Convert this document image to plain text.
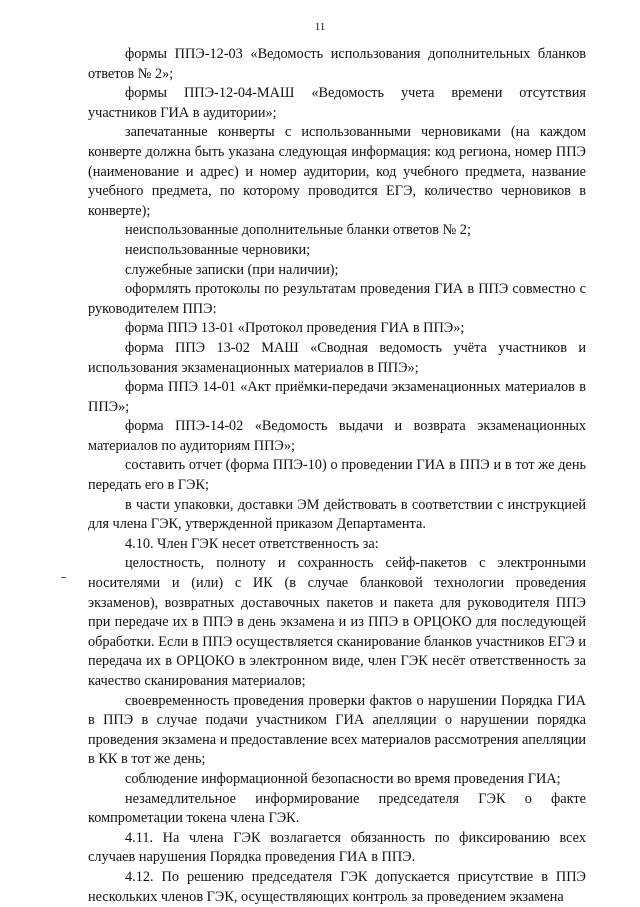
11

формы ППЭ-12-03 «Ведомость использования дополнительных бланков ответов № 2»;

формы ППЭ-12-04-МАШ «Ведомость учета времени отсутствия участников ГИА в аудитории»;

запечатанные конверты с использованными черновиками (на каждом конверте должна быть указана следующая информация: код региона, номер ППЭ (наименование и адрес) и номер аудитории, код учебного предмета, название учебного предмета, по которому проводится ЕГЭ, количество черновиков в конверте);

неиспользованные дополнительные бланки ответов № 2;

неиспользованные черновики;

служебные записки (при наличии);

оформлять протоколы по результатам проведения ГИА в ППЭ совместно с руководителем ППЭ:

форма ППЭ 13-01 «Протокол проведения ГИА в ППЭ»;

форма ППЭ 13-02 МАШ «Сводная ведомость учёта участников и использования экзаменационных материалов в ППЭ»;

форма ППЭ 14-01 «Акт приёмки-передачи экзаменационных материалов в ППЭ»;

форма ППЭ-14-02 «Ведомость выдачи и возврата экзаменационных материалов по аудиториям ППЭ»;

составить отчет (форма ППЭ-10) о проведении ГИА в ППЭ и в тот же день передать его в ГЭК;

в части упаковки, доставки ЭМ действовать в соответствии с инструкцией для члена ГЭК, утвержденной приказом Департамента.

4.10. Член ГЭК несет ответственность за:

целостность, полноту и сохранность сейф-пакетов с электронными носителями и (или) с ИК (в случае бланковой технологии проведения экзаменов), возвратных доставочных пакетов и пакета для руководителя ППЭ при передаче их в ППЭ в день экзамена и из ППЭ в ОРЦОКО для последующей обработки. Если в ППЭ осуществляется сканирование бланков участников ЕГЭ и передача их в ОРЦОКО в электронном виде, член ГЭК несёт ответственность за качество сканирования материалов;

своевременность проведения проверки фактов о нарушении Порядка ГИА в ППЭ в случае подачи участником ГИА апелляции о нарушении порядка проведения экзамена и предоставление всех материалов рассмотрения апелляции в КК в тот же день;

соблюдение информационной безопасности во время проведения ГИА;

незамедлительное информирование председателя ГЭК о факте компрометации токена члена ГЭК.

4.11. На члена ГЭК возлагается обязанность по фиксированию всех случаев нарушения Порядка проведения ГИА в ППЭ.

4.12. По решению председателя ГЭК допускается присутствие в ППЭ нескольких членов ГЭК, осуществляющих контроль за проведением экзамена
